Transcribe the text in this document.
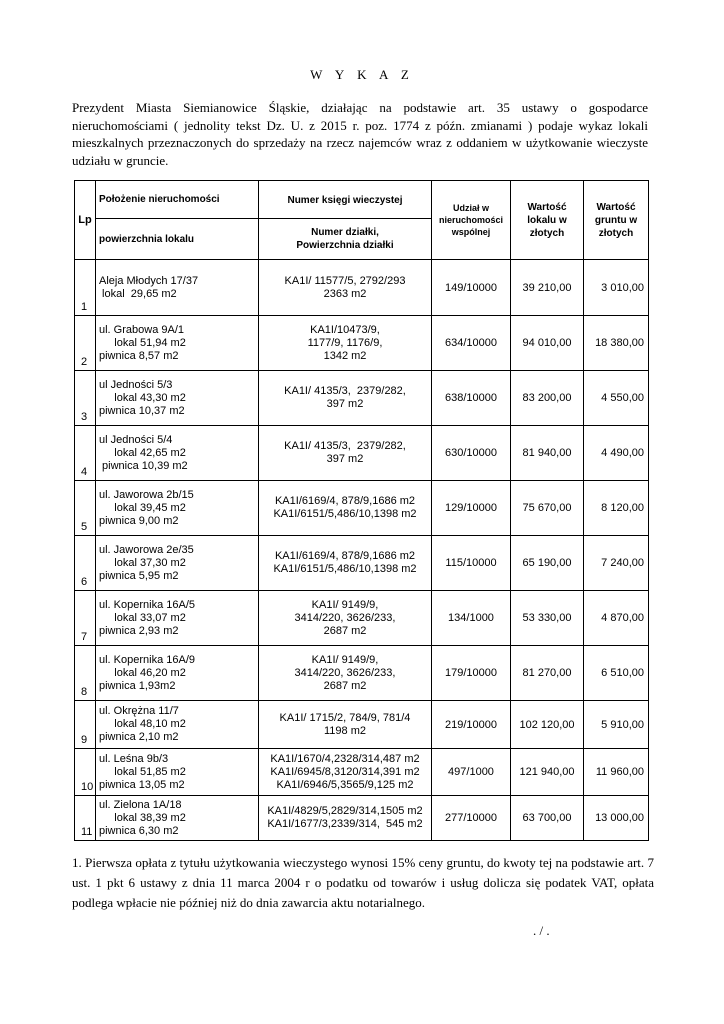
W Y K A Z
Prezydent Miasta Siemianowice Śląskie, działając na podstawie art. 35 ustawy o gospodarce nieruchomościami ( jednolity tekst Dz. U. z 2015 r. poz. 1774 z późn. zmianami ) podaje wykaz lokali mieszkalnych przeznaczonych do sprzedaży na rzecz najemców wraz z oddaniem w użytkowanie wieczyste udziału w gruncie.
Lp	Położenie nieruchomości	Numer księgi wieczystej	Udział w
nieruchomości
wspólnej	Wartość
lokalu w
złotych	Wartość
gruntu w
złotych

	powierzchnia lokalu	Numer działki,
Powierzchnia działki			

1	Aleja Młodych 17/37
lokal  29,65 m2	KA1I/ 11577/5, 2792/293
2363 m2	149/10000	39 210,00	3 010,00
2	ul. Grabowa 9A/1
lokal 51,94 m2
piwnica 8,57 m2	KA1I/10473/9,
1177/9, 1176/9,
1342 m2	634/10000	94 010,00	18 380,00
3	ul Jedności 5/3
lokal 43,30 m2
piwnica 10,37 m2	KA1I/ 4135/3,  2379/282,
397 m2	638/10000	83 200,00	4 550,00
4	ul Jedności 5/4
lokal 42,65 m2
piwnica 10,39 m2	KA1I/ 4135/3,  2379/282,
397 m2	630/10000	81 940,00	4 490,00
5	ul. Jaworowa 2b/15
lokal 39,45 m2
piwnica 9,00 m2	KA1I/6169/4, 878/9,1686 m2
KA1I/6151/5,486/10,1398 m2	129/10000	75 670,00	8 120,00
6	ul. Jaworowa 2e/35
lokal 37,30 m2
piwnica 5,95 m2	KA1I/6169/4, 878/9,1686 m2
KA1I/6151/5,486/10,1398 m2	115/10000	65 190,00	7 240,00
7	ul. Kopernika 16A/5
lokal 33,07 m2
piwnica 2,93 m2	KA1I/ 9149/9,
3414/220, 3626/233,
2687 m2	134/1000	53 330,00	4 870,00
8	ul. Kopernika 16A/9
lokal 46,20 m2
piwnica 1,93m2	KA1I/ 9149/9,
3414/220, 3626/233,
2687 m2	179/10000	81 270,00	6 510,00
9	ul. Okrężna 11/7
lokal 48,10 m2
piwnica 2,10 m2	KA1I/ 1715/2, 784/9, 781/4
1198 m2	219/10000	102 120,00	5 910,00
10	ul. Leśna 9b/3
lokal 51,85 m2
piwnica 13,05 m2	KA1I/1670/4,2328/314,487 m2
KA1I/6945/8,3120/314,391 m2
KA1I/6946/5,3565/9,125 m2	497/1000	121 940,00	11 960,00
11	ul. Zielona 1A/18
lokal 38,39 m2
piwnica 6,30 m2	KA1I/4829/5,2829/314,1505 m2
KA1I/1677/3,2339/314,  545 m2	277/10000	63 700,00	13 000,00
1. Pierwsza opłata z tytułu użytkowania wieczystego wynosi 15% ceny gruntu, do kwoty tej na podstawie art. 7 ust. 1 pkt 6 ustawy z dnia 11 marca 2004 r o podatku od towarów i usług dolicza się podatek VAT, opłata podlega wpłacie nie później niż do dnia zawarcia aktu notarialnego.
. / .
